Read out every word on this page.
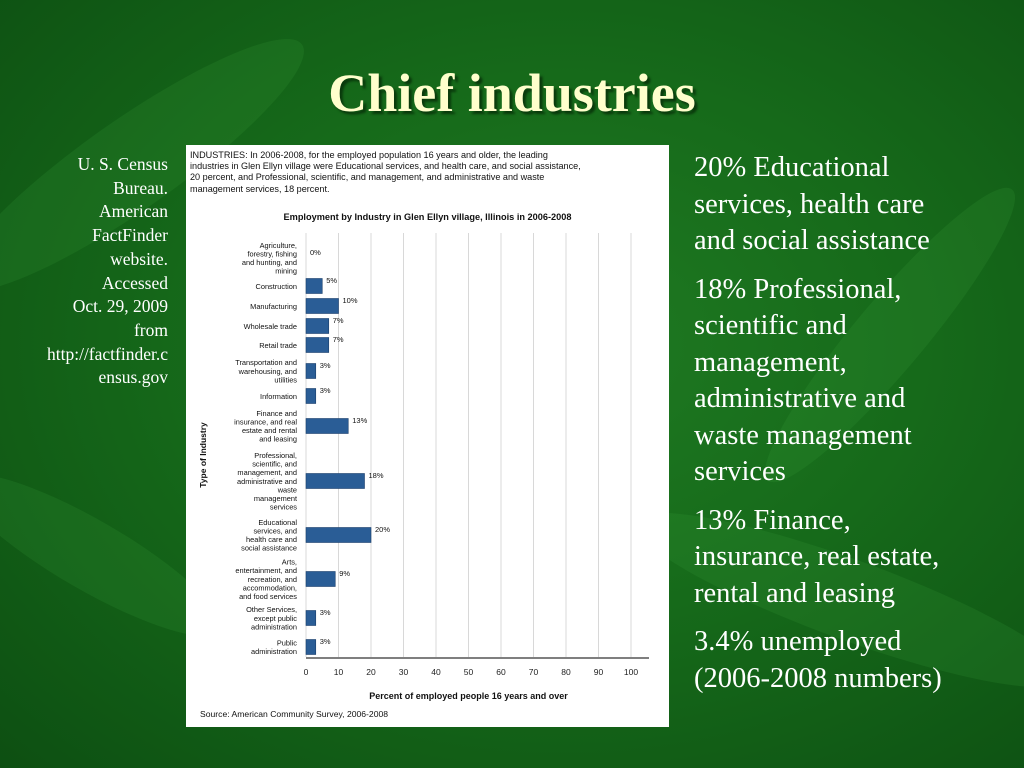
Chief industries
U. S. Census
Bureau.
American
FactFinder
website.
Accessed
Oct. 29, 2009
from
http://factfinder.c
ensus.gov
INDUSTRIES: In 2006-2008, for the employed population 16 years and older, the leading
industries in Glen Ellyn village were Educational services, and health care, and social assistance,
20 percent, and Professional, scientific, and management, and administrative and waste
management services, 18 percent.
Employment by Industry in Glen Ellyn village, Illinois in 2006-2008
0	10	20	30	40	50	60	70	80	90 100
Percent of employed people 16 years and over
Type of Industry
0%
Agriculture,
forestry, fishing
and hunting, and
mining
5%
Construction
10%
Manufacturing
7%
Wholesale trade
7%
Retail trade
3%
Transportation and
warehousing, and
utilities
3%
Information
13%
Finance and
insurance, and real
estate and rental
and leasing
18%
Professional,
scientific, and
management, and
administrative and
waste
management
services
20%
Educational
services, and
health care and
social assistance
9%
Arts,
entertainment, and
recreation, and
accommodation,
and food services
3%
Other Services,
except public
administration
3%
Public
administration
Source: American Community Survey, 2006-2008
20% Educational
services, health care
and social assistance
18% Professional,
scientific and
management,
administrative and
waste management
services
13% Finance,
insurance, real estate,
rental and leasing
3.4% unemployed
(2006-2008 numbers)
